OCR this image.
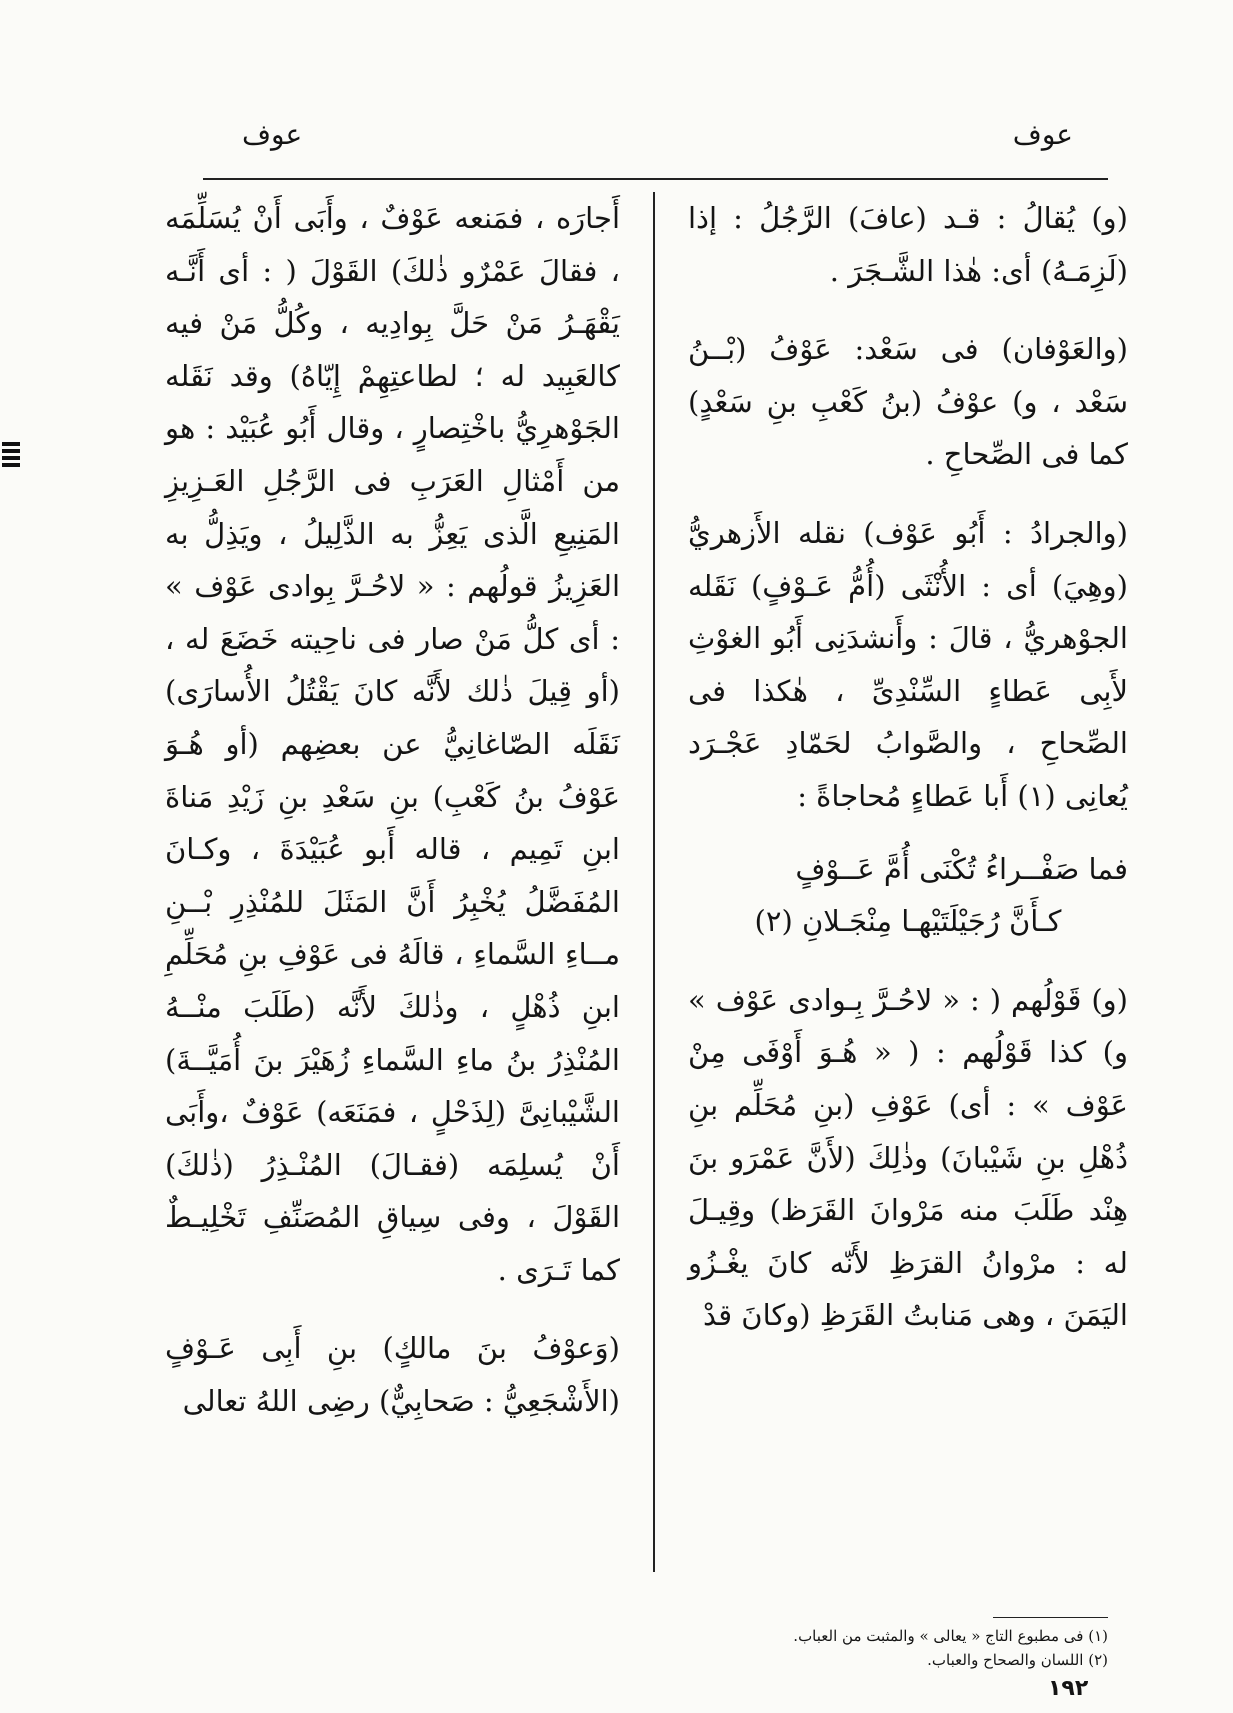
عوف
عوف

(و) يُقالُ : قـد (عافَ) الرَّجُلُ : إذا (لَزِمَـهُ) أى: هٰذا الشَّـجَرَ .

(والعَوْفان) فى سَعْد: عَوْفُ (بْــنُ سَعْد ، و) عوْفُ (بنُ كَعْبِ بنِ سَعْدٍ) كما فى الصِّحاحِ .

(والجرادُ : أَبُو عَوْف) نقله الأَزهريُّ (وهِيَ) أى : الأُنْثَى (أُمُّ عَـوْفٍ) نَقَله الجوْهريُّ ، قالَ : وأَنشدَنِى أَبُو الغوْثِ لأَبِى عَطاءٍ السِّنْدِىِّ ، هٰكذا فى الصِّحاحِ ، والصَّوابُ لحَمّادِ عَجْـرَد يُعانِى (١) أَبا عَطاءٍ مُحاجاةً :

فما صَفْــراءُ تُكْنَى أُمَّ عَــوْفٍ

كـأَنَّ رُجَيْلَتَيْهـا مِنْجَـلانِ (٢)

(و) قَوْلُهم ( : « لاحُـرَّ بِـوادى عَوْف » و) كذا قَوْلُهم : ( « هُـوَ أَوْفَى مِنْ عَوْف » : أى) عَوْفِ (بنِ مُحَلِّم بنِ ذُهْلِ بنِ شَيْبانَ) وذٰلِكَ (لأَنَّ عَمْرَو بنَ هِنْد طَلَبَ منه مَرْوانَ القَرَظ) وقِيـلَ له : مرْوانُ القرَظِ لأَنّه كانَ يغْـزُو اليَمَنَ ، وهى مَنابتُ القَرَظِ (وكانَ قدْ

أَجارَه ، فمَنعه عَوْفٌ ، وأَبَى أَنْ يُسَلِّمَه ، فقالَ عَمْرٌو ذٰلكَ) القَوْلَ ( : أى أَنَّـه يَقْهَـرُ مَنْ حَلَّ بِوادِيه ، وكُلُّ مَنْ فيه كالعَبِيد له ؛ لطاعتِهِمْ إِيّاهُ) وقد نَقَله الجَوْهرِيُّ باخْتِصارٍ ، وقال أَبُو عُبَيْد : هو من أَمْثالِ العَرَبِ فى الرَّجُلِ العَـزِيزِ المَنِيعِ الَّذى يَعِزُّ به الذَّلِيلُ ، ويَذِلُّ به العَزِيزُ قولُهم : « لاحُـرَّ بِوادى عَوْف » : أى كلُّ مَنْ صار فى ناحِيته خَضَعَ له ، (أو قِيلَ ذٰلك لأَنَّه كانَ يَقْتُلُ الأُسارَى) نَقَلَه الصّاغانِيُّ عن بعضِهم (أو هُـوَ عَوْفُ بنُ كَعْبِ) بنِ سَعْدِ بنِ زَيْدِ مَناةَ ابنِ تَمِيم ، قاله أَبو عُبَيْدَةَ ، وكـانَ المُفَضَّلُ يُخْبِرُ أَنَّ المَثَلَ للمُنْذِرِ بْــنِ مــاءِ السَّماءِ ، قالَهُ فى عَوْفِ بنِ مُحَلِّمِ ابنِ ذُهْلٍ ، وذٰلكَ لأَنَّه (طَلَبَ منْــهُ المُنْذِرُ بنُ ماءِ السَّماءِ زُهَيْرَ بنَ أُمَيَّــةَ) الشَّيْبانِىَّ (لِذَحْلٍ ، فمَنَعَه) عَوْفٌ ،وأَبَى أَنْ يُسلِمَه (فقـالَ) المُنْـذِرُ (ذٰلكَ) القَوْلَ ، وفى سِياقِ المُصَنِّفِ تَخْلِيـطٌ كما تَـرَى .

(وَعوْفُ بنَ مالكٍ) بنِ أَبِى عَـوْفٍ (الأَشْجَعِيُّ : صَحابِيٌّ) رضِى اللهُ تعالى

(١) فى مطبوع التاج « يعالى » والمثبت من العباب.

(٢) اللسان والصحاح والعباب.

١٩٢
